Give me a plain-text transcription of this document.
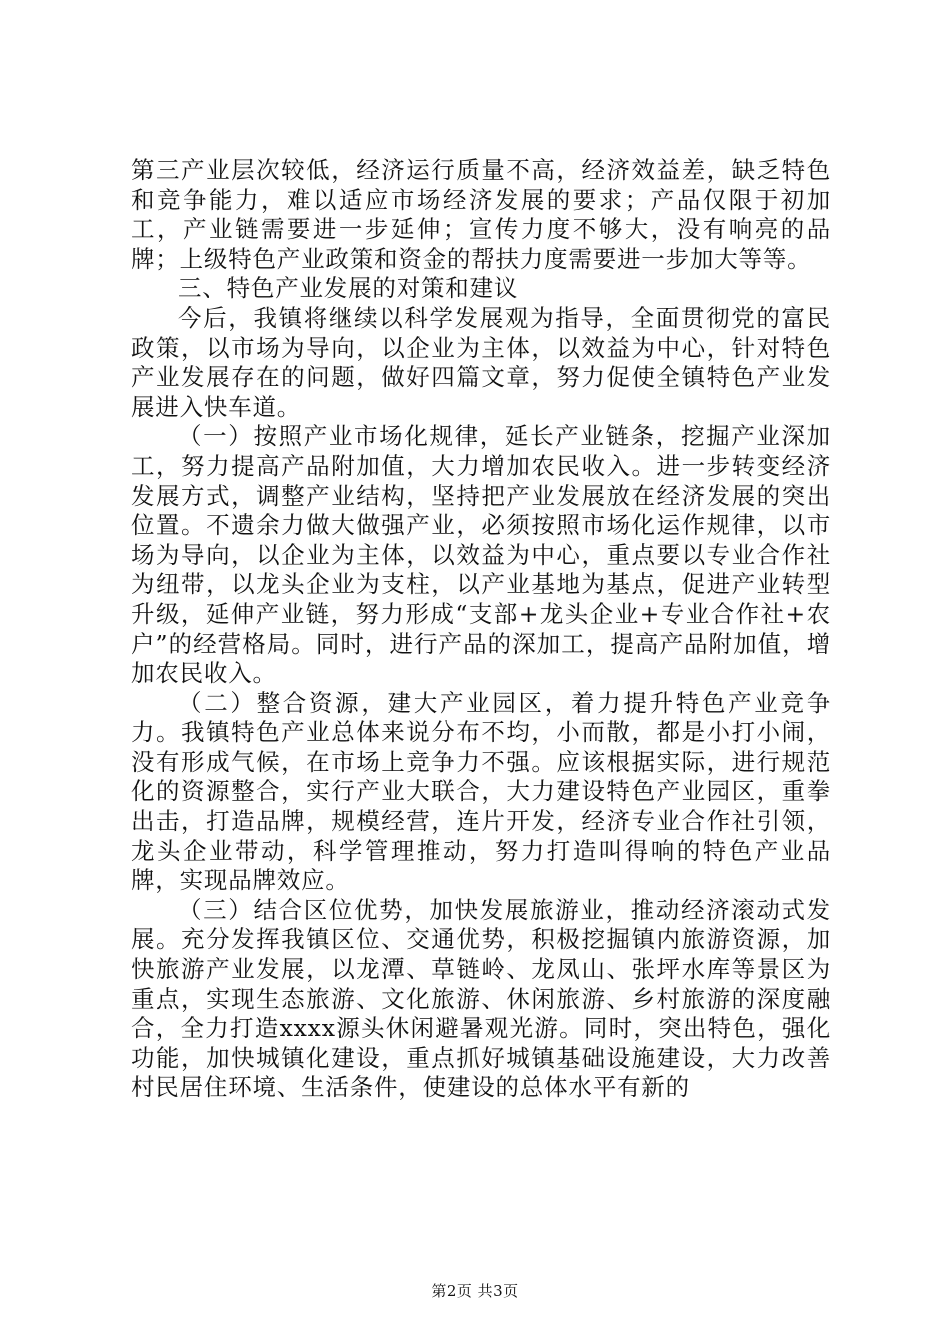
第三产业层次较低，经济运行质量不高，经济效益差，缺乏特色和竞争能力，难以适应市场经济发展的要求；产品仅限于初加工，产业链需要进一步延伸；宣传力度不够大，没有响亮的品牌；上级特色产业政策和资金的帮扶力度需要进一步加大等等。

三、特色产业发展的对策和建议

今后，我镇将继续以科学发展观为指导，全面贯彻党的富民政策，以市场为导向，以企业为主体，以效益为中心，针对特色产业发展存在的问题，做好四篇文章，努力促使全镇特色产业发展进入快车道。

（一）按照产业市场化规律，延长产业链条，挖掘产业深加工，努力提高产品附加值，大力增加农民收入。进一步转变经济发展方式，调整产业结构，坚持把产业发展放在经济发展的突出位置。不遗余力做大做强产业，必须按照市场化运作规律，以市场为导向，以企业为主体，以效益为中心，重点要以专业合作社为纽带，以龙头企业为支柱，以产业基地为基点，促进产业转型升级，延伸产业链，努力形成“支部+龙头企业+专业合作社+农户”的经营格局。同时，进行产品的深加工，提高产品附加值，增加农民收入。

（二）整合资源，建大产业园区，着力提升特色产业竞争力。我镇特色产业总体来说分布不均，小而散，都是小打小闹，没有形成气候，在市场上竞争力不强。应该根据实际，进行规范化的资源整合，实行产业大联合，大力建设特色产业园区，重拳出击，打造品牌，规模经营，连片开发，经济专业合作社引领，龙头企业带动，科学管理推动，努力打造叫得响的特色产业品牌，实现品牌效应。

（三）结合区位优势，加快发展旅游业，推动经济滚动式发展。充分发挥我镇区位、交通优势，积极挖掘镇内旅游资源，加快旅游产业发展，以龙潭、草链岭、龙凤山、张坪水库等景区为重点，实现生态旅游、文化旅游、休闲旅游、乡村旅游的深度融合，全力打造xxxx源头休闲避暑观光游。同时，突出特色，强化功能，加快城镇化建设，重点抓好城镇基础设施建设，大力改善村民居住环境、生活条件，使建设的总体水平有新的

第2页 共3页
